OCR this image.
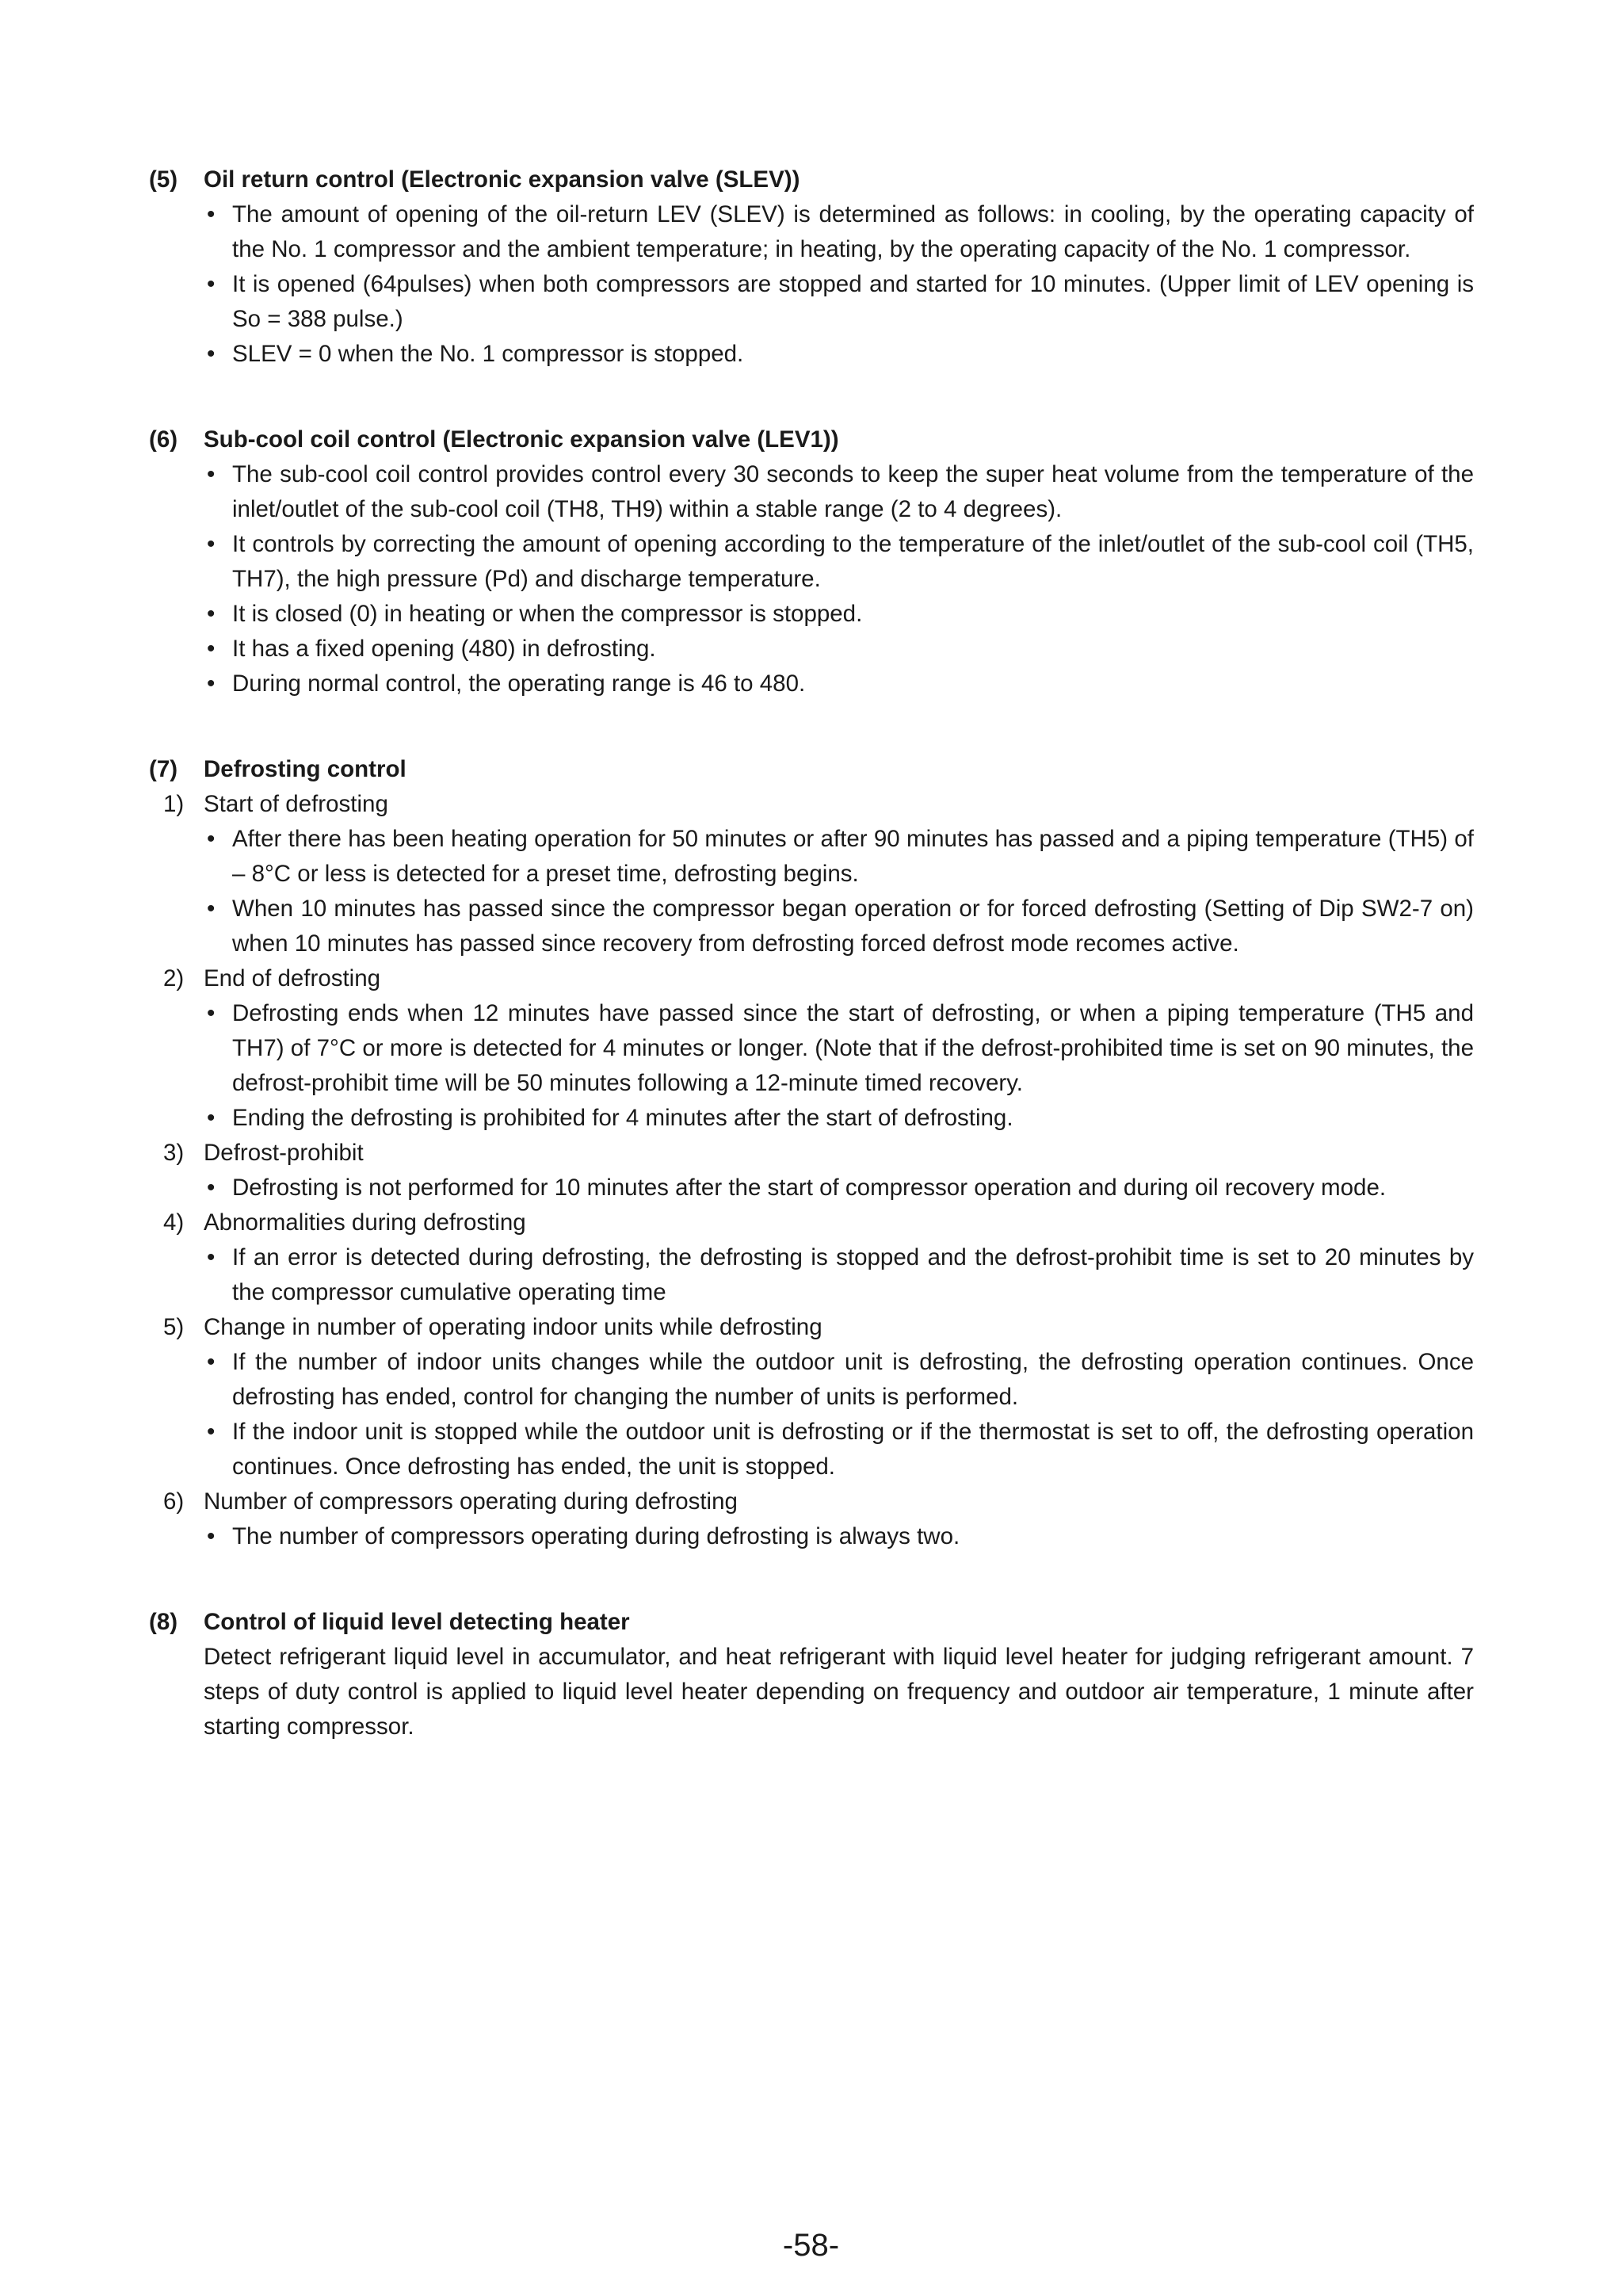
(5)	Oil return control (Electronic expansion valve (SLEV))
• The amount of opening of the oil-return LEV (SLEV) is determined as follows: in cooling, by the operating capacity of the No. 1 compressor and the ambient temperature; in heating, by the operating capacity of the No. 1 compressor.
• It is opened (64pulses) when both compressors are stopped and started for 10 minutes. (Upper limit of LEV opening is So = 388 pulse.)
• SLEV = 0 when the No. 1 compressor is stopped.
(6)	Sub-cool coil control (Electronic expansion valve (LEV1))
• The sub-cool coil control provides control every 30 seconds to keep the super heat volume from the temperature of the inlet/outlet of the sub-cool coil (TH8, TH9) within a stable range (2 to 4 degrees).
• It controls by correcting the amount of opening according to the temperature of the inlet/outlet of the sub-cool coil (TH5, TH7), the high pressure (Pd) and discharge temperature.
• It is closed (0) in heating or when the compressor is stopped.
• It has a fixed opening (480) in defrosting.
• During normal control, the operating range is 46 to 480.
(7)	Defrosting control
1) Start of defrosting
• After there has been heating operation for 50 minutes or after 90 minutes has passed and a piping temperature (TH5) of – 8°C or less is detected for a preset time, defrosting begins.
• When 10 minutes has passed since the compressor began operation or for forced defrosting (Setting of Dip SW2-7 on) when 10 minutes has passed since recovery from defrosting forced defrost mode recomes active.
2) End of defrosting
• Defrosting ends when 12 minutes have passed since the start of defrosting, or when a piping temperature (TH5 and TH7) of 7°C or more is detected for 4 minutes or longer. (Note that if the defrost-prohibited time is set on 90 minutes, the defrost-prohibit time will be 50 minutes following a 12-minute timed recovery.
• Ending the defrosting is prohibited for 4 minutes after the start of defrosting.
3) Defrost-prohibit
• Defrosting is not performed for 10 minutes after the start of compressor operation and during oil recovery mode.
4) Abnormalities during defrosting
• If an error is detected during defrosting, the defrosting is stopped and the defrost-prohibit time is set to 20 minutes by the compressor cumulative operating time
5) Change in number of operating indoor units while defrosting
• If the number of indoor units changes while the outdoor unit is defrosting, the defrosting operation continues. Once defrosting has ended, control for changing the number of units is performed.
• If the indoor unit is stopped while the outdoor unit is defrosting or if the thermostat is set to off, the defrosting operation continues. Once defrosting has ended, the unit is stopped.
6) Number of compressors operating during defrosting
• The number of compressors operating during defrosting is always two.
(8)	Control of liquid level detecting heater
Detect refrigerant liquid level in accumulator, and heat refrigerant with liquid level heater for judging refrigerant amount. 7 steps of duty control is applied to liquid level heater depending on frequency and outdoor air temperature, 1 minute after starting compressor.
-58-
